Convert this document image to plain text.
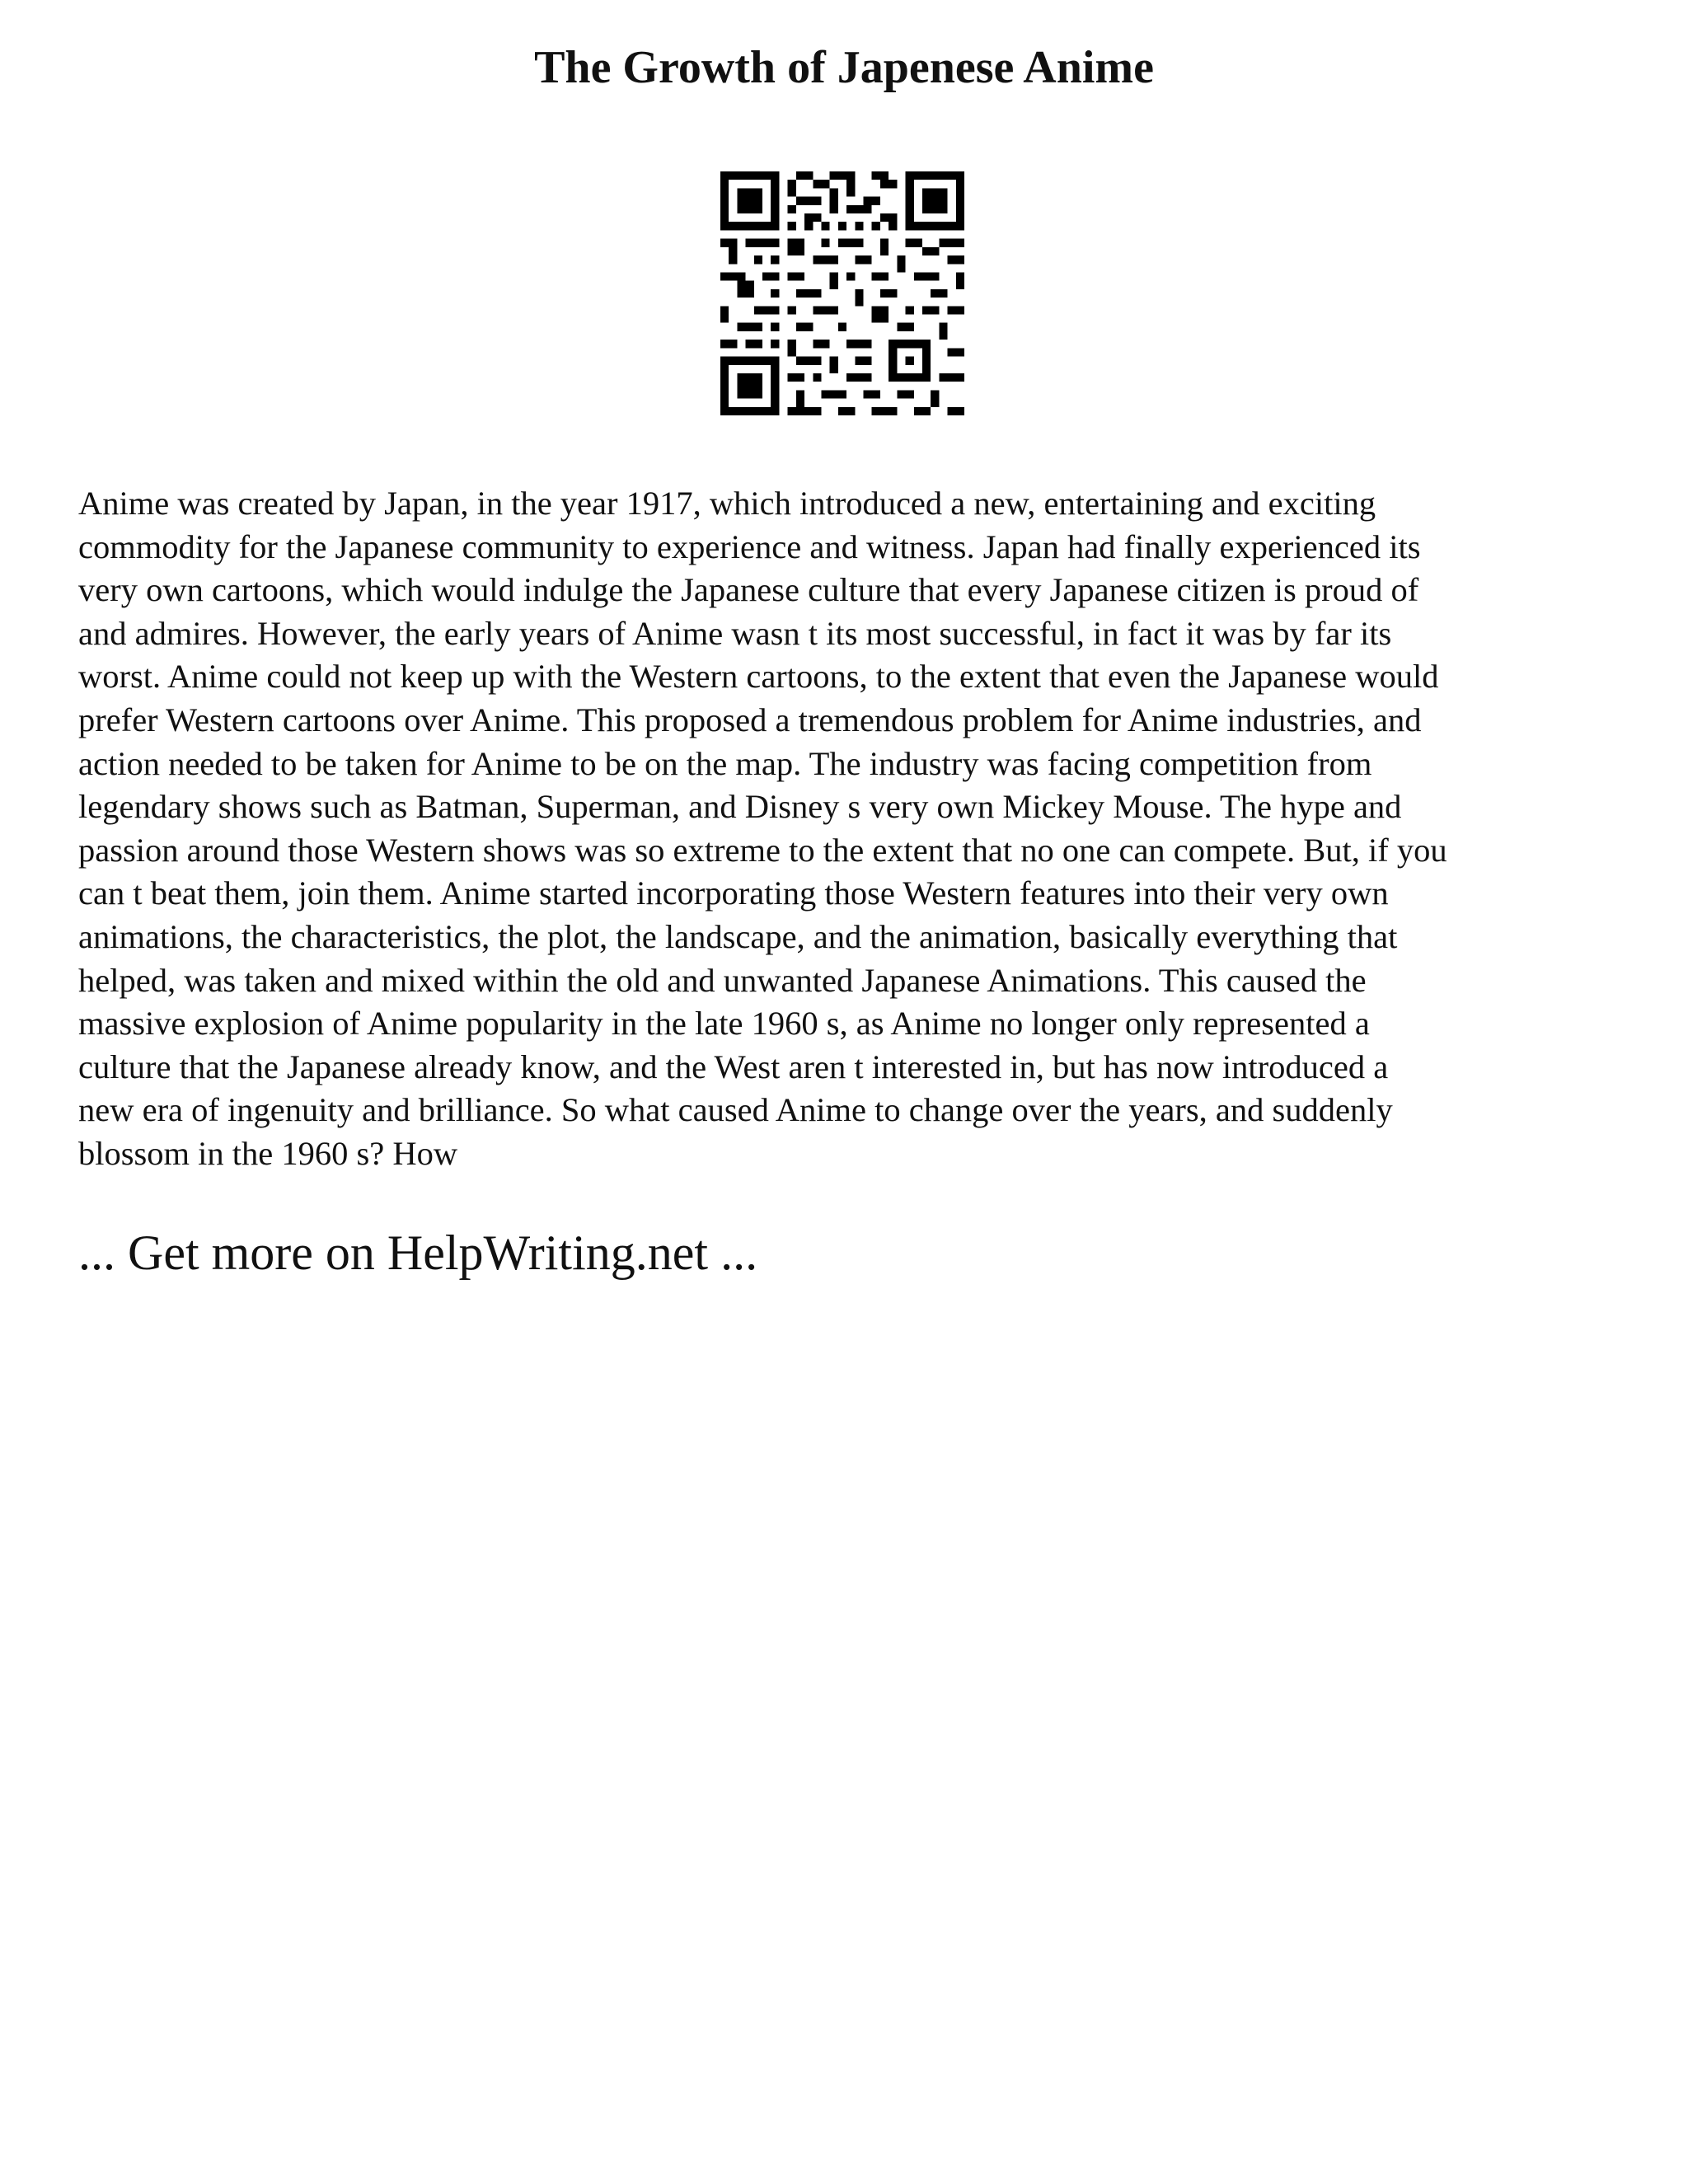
The Growth of Japenese Anime

Anime was created by Japan, in the year 1917, which introduced a new, entertaining and exciting
commodity for the Japanese community to experience and witness. Japan had finally experienced its
very own cartoons, which would indulge the Japanese culture that every Japanese citizen is proud of
and admires. However, the early years of Anime wasn t its most successful, in fact it was by far its
worst. Anime could not keep up with the Western cartoons, to the extent that even the Japanese would
prefer Western cartoons over Anime. This proposed a tremendous problem for Anime industries, and
action needed to be taken for Anime to be on the map. The industry was facing competition from
legendary shows such as Batman, Superman, and Disney s very own Mickey Mouse. The hype and
passion around those Western shows was so extreme to the extent that no one can compete. But, if you
can t beat them, join them. Anime started incorporating those Western features into their very own
animations, the characteristics, the plot, the landscape, and the animation, basically everything that
helped, was taken and mixed within the old and unwanted Japanese Animations. This caused the
massive explosion of Anime popularity in the late 1960 s, as Anime no longer only represented a
culture that the Japanese already know, and the West aren t interested in, but has now introduced a
new era of ingenuity and brilliance. So what caused Anime to change over the years, and suddenly
blossom in the 1960 s? How

... Get more on HelpWriting.net ...
